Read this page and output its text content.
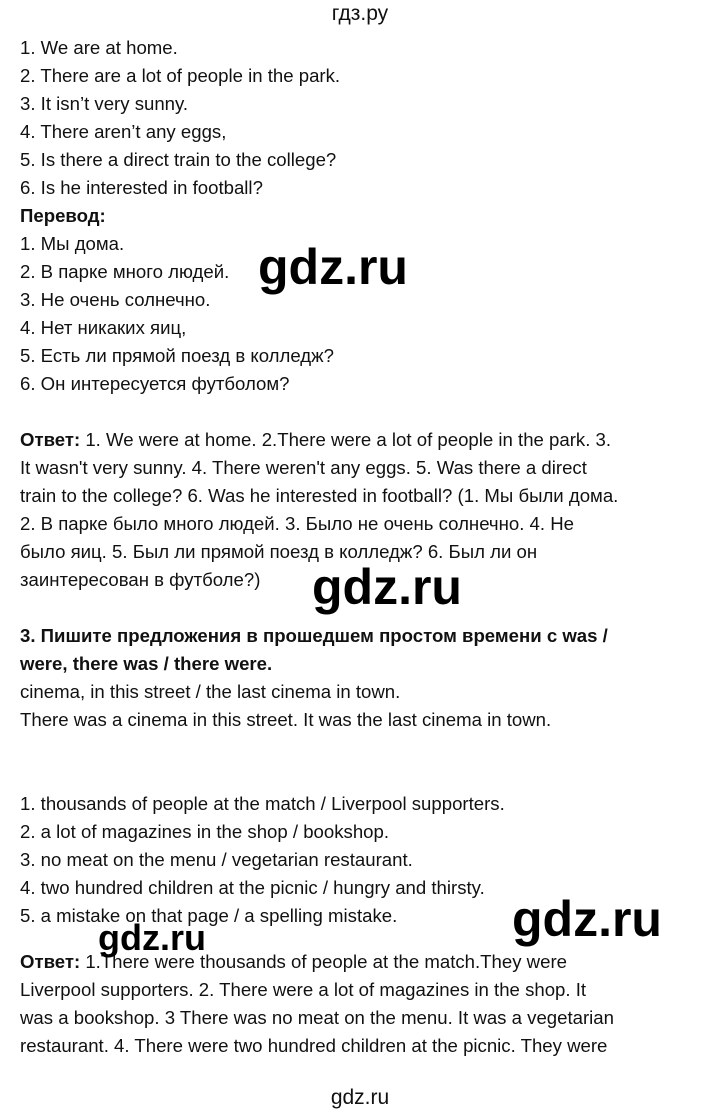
гдз.ру
1. We are at home.
2. There are a lot of people in the park.
3. It isn’t very sunny.
4. There aren’t any eggs,
5. Is there a direct train to the college?
6. Is he interested in football?
Перевод:
1. Мы дома.
2. В парке много людей.
3. Не очень солнечно.
4. Нет никаких яиц,
5. Есть ли прямой поезд в колледж?
6. Он интересуется футболом?
Ответ: 1. We were at home. 2.There were a lot of people in the park. 3.
It wasn't very sunny. 4. There weren't any eggs. 5. Was there a direct
train to the college? 6. Was he interested in football? (1. Мы были дома.
2. В парке было много людей. 3. Было не очень солнечно. 4. Не
было яиц. 5. Был ли прямой поезд в колледж? 6. Был ли он
заинтересован в футболе?)
3. Пишите предложения в прошедшем простом времени с was /
were, there was / there were.
cinema, in this street / the last cinema in town.
There was a cinema in this street. It was the last cinema in town.
1. thousands of people at the match / Liverpool supporters.
2. a lot of magazines in the shop / bookshop.
3. no meat on the menu / vegetarian restaurant.
4. two hundred children at the picnic / hungry and thirsty.
5. a mistake on that page / a spelling mistake.
Ответ: 1.There were thousands of people at the match.They were
Liverpool supporters. 2. There were a lot of magazines in the shop. It
was a bookshop. 3 There was no meat on the menu. It was a vegetarian
restaurant. 4. There were two hundred children at the picnic. They were
gdz.ru
gdz.ru
gdz.ru
gdz.ru
gdz.ru
